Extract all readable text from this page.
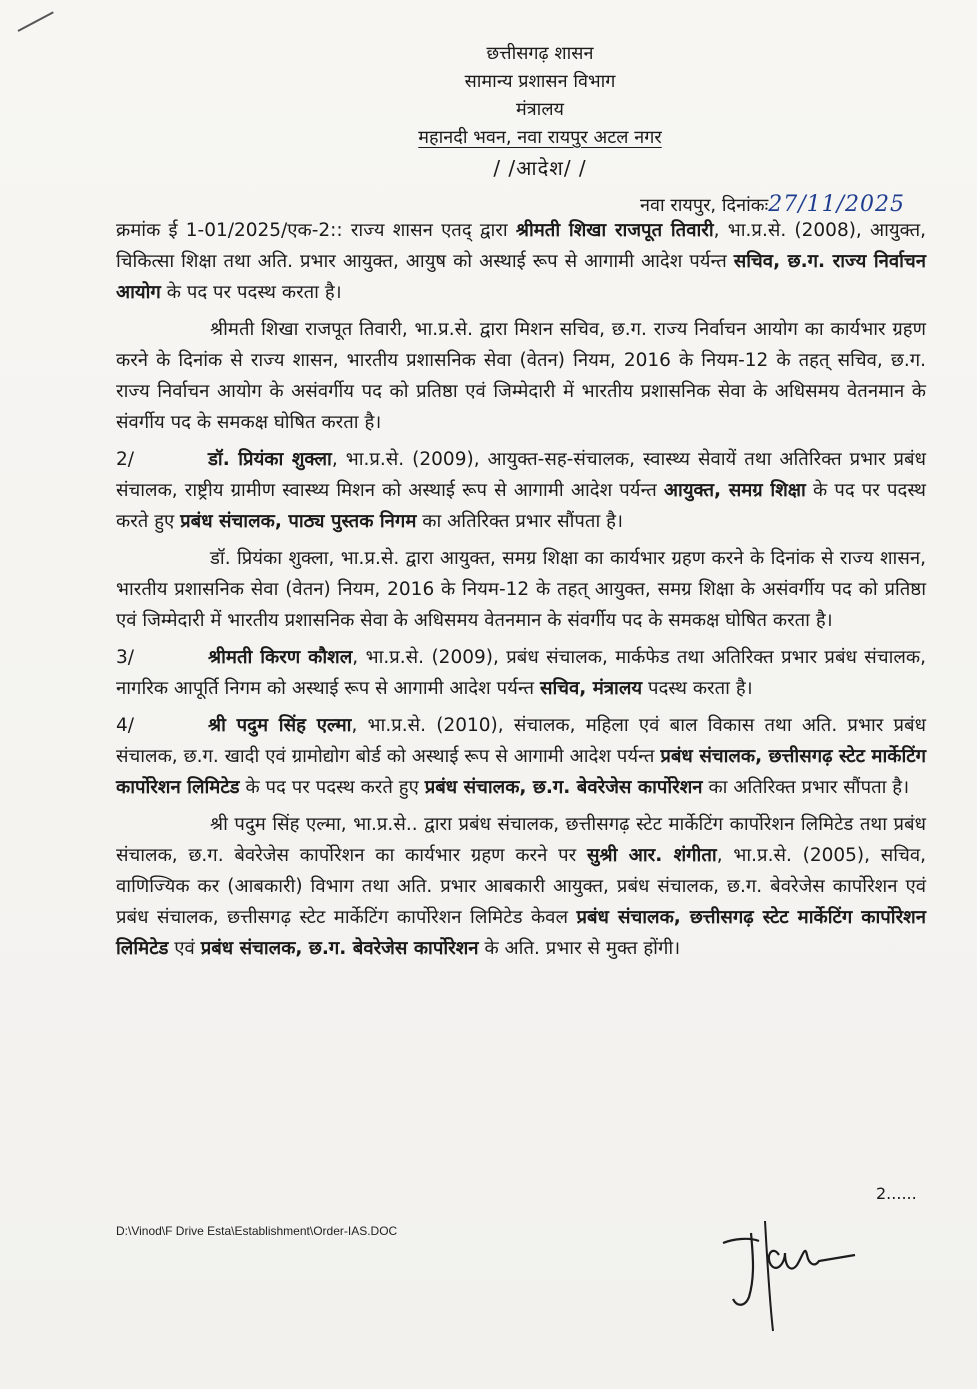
छत्तीसगढ़ शासन
सामान्य प्रशासन विभाग
मंत्रालय
महानदी भवन, नवा रायपुर अटल नगर
/ /आदेश/ /
नवा रायपुर, दिनांकः27/11/2025

क्रमांक ई 1-01/2025/एक-2:: राज्य शासन एतद् द्वारा श्रीमती शिखा राजपूत तिवारी, भा.प्र.से. (2008), आयुक्त, चिकित्सा शिक्षा तथा अति. प्रभार आयुक्त, आयुष को अस्थाई रूप से आगामी आदेश पर्यन्त सचिव, छ.ग. राज्य निर्वाचन आयोग के पद पर पदस्थ करता है।

श्रीमती शिखा राजपूत तिवारी, भा.प्र.से. द्वारा मिशन सचिव, छ.ग. राज्य निर्वाचन आयोग का कार्यभार ग्रहण करने के दिनांक से राज्य शासन, भारतीय प्रशासनिक सेवा (वेतन) नियम, 2016 के नियम-12 के तहत् सचिव, छ.ग. राज्य निर्वाचन आयोग के असंवर्गीय पद को प्रतिष्ठा एवं जिम्मेदारी में भारतीय प्रशासनिक सेवा के अधिसमय वेतनमान के संवर्गीय पद के समकक्ष घोषित करता है।

2/	डॉ. प्रियंका शुक्ला, भा.प्र.से. (2009), आयुक्त-सह-संचालक, स्वास्थ्य सेवायें तथा अतिरिक्त प्रभार प्रबंध संचालक, राष्ट्रीय ग्रामीण स्वास्थ्य मिशन को अस्थाई रूप से आगामी आदेश पर्यन्त आयुक्त, समग्र शिक्षा के पद पर पदस्थ करते हुए प्रबंध संचालक, पाठ्य पुस्तक निगम का अतिरिक्त प्रभार सौंपता है।

डॉ. प्रियंका शुक्ला, भा.प्र.से. द्वारा आयुक्त, समग्र शिक्षा का कार्यभार ग्रहण करने के दिनांक से राज्य शासन, भारतीय प्रशासनिक सेवा (वेतन) नियम, 2016 के नियम-12 के तहत् आयुक्त, समग्र शिक्षा के असंवर्गीय पद को प्रतिष्ठा एवं जिम्मेदारी में भारतीय प्रशासनिक सेवा के अधिसमय वेतनमान के संवर्गीय पद के समकक्ष घोषित करता है।

3/	श्रीमती किरण कौशल, भा.प्र.से. (2009), प्रबंध संचालक, मार्कफेड तथा अतिरिक्त प्रभार प्रबंध संचालक, नागरिक आपूर्ति निगम को अस्थाई रूप से आगामी आदेश पर्यन्त सचिव, मंत्रालय पदस्थ करता है।

4/	श्री पदुम सिंह एल्मा, भा.प्र.से. (2010), संचालक, महिला एवं बाल विकास तथा अति. प्रभार प्रबंध संचालक, छ.ग. खादी एवं ग्रामोद्योग बोर्ड को अस्थाई रूप से आगामी आदेश पर्यन्त प्रबंध संचालक, छत्तीसगढ़ स्टेट मार्केटिंग कार्पोरेशन लिमिटेड के पद पर पदस्थ करते हुए प्रबंध संचालक, छ.ग. बेवरेजेस कार्पोरेशन का अतिरिक्त प्रभार सौंपता है।

श्री पदुम सिंह एल्मा, भा.प्र.से.. द्वारा प्रबंध संचालक, छत्तीसगढ़ स्टेट मार्केटिंग कार्पोरेशन लिमिटेड तथा प्रबंध संचालक, छ.ग. बेवरेजेस कार्पोरेशन का कार्यभार ग्रहण करने पर सुश्री आर. शंगीता, भा.प्र.से. (2005), सचिव, वाणिज्यिक कर (आबकारी) विभाग तथा अति. प्रभार आबकारी आयुक्त, प्रबंध संचालक, छ.ग. बेवरेजेस कार्पोरेशन एवं प्रबंध संचालक, छत्तीसगढ़ स्टेट मार्केटिंग कार्पोरेशन लिमिटेड केवल प्रबंध संचालक, छत्तीसगढ़ स्टेट मार्केटिंग कार्पोरेशन लिमिटेड एवं प्रबंध संचालक, छ.ग. बेवरेजेस कार्पोरेशन के अति. प्रभार से मुक्त होंगी।

2......
D:\Vinod\F Drive Esta\Establishment\Order-IAS.DOC
